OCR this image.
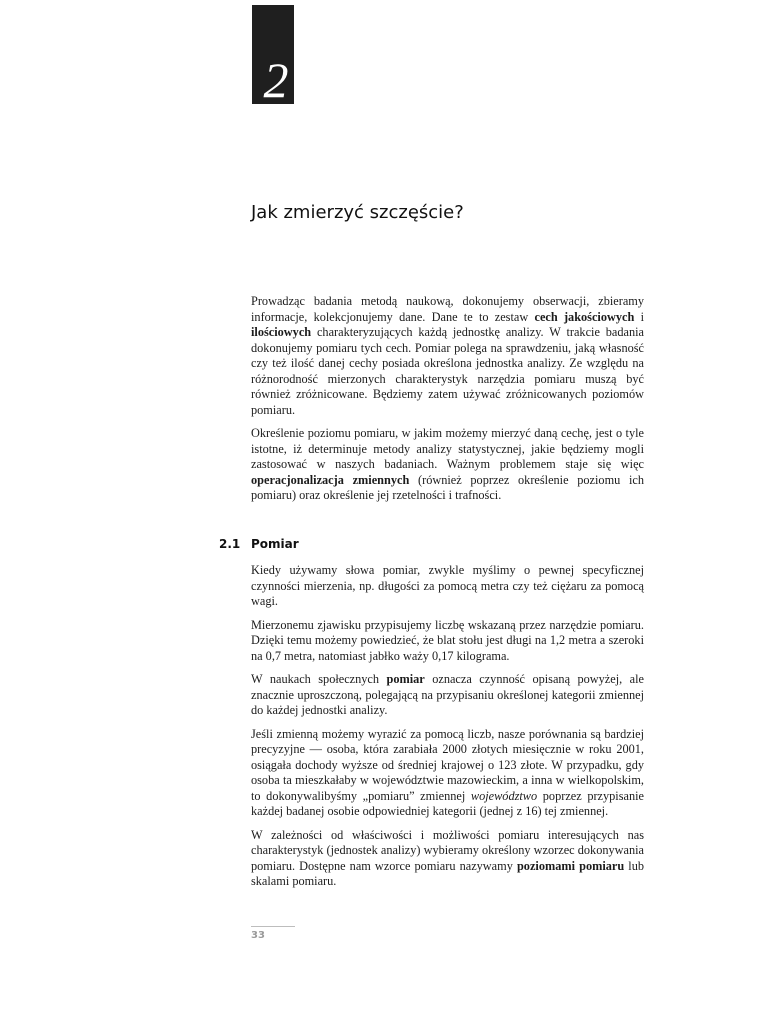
2
Jak zmierzyć szczęście?

Prowadząc badania metodą naukową, dokonujemy obserwacji, zbieramy informacje, kolekcjonujemy dane. Dane te to zestaw cech jakościowych i ilościowych charakteryzujących każdą jednostkę analizy. W trakcie badania dokonujemy pomiaru tych cech. Pomiar polega na sprawdzeniu, jaką własność czy też ilość danej cechy posiada określona jednostka analizy. Ze względu na różnorodność mierzonych charakterystyk narzędzia pomiaru muszą być również zróżnicowane. Będziemy zatem używać zróżnicowanych poziomów pomiaru.

Określenie poziomu pomiaru, w jakim możemy mierzyć daną cechę, jest o tyle istotne, iż determinuje metody analizy statystycznej, jakie będziemy mogli zastosować w naszych badaniach. Ważnym problemem staje się więc operacjonalizacja zmiennych (również poprzez określenie poziomu ich pomiaru) oraz określenie jej rzetelności i trafności.

2.1 Pomiar

Kiedy używamy słowa pomiar, zwykle myślimy o pewnej specyficznej czynności mierzenia, np. długości za pomocą metra czy też ciężaru za pomocą wagi.

Mierzonemu zjawisku przypisujemy liczbę wskazaną przez narzędzie pomiaru. Dzięki temu możemy powiedzieć, że blat stołu jest długi na 1,2 metra a szeroki na 0,7 metra, natomiast jabłko waży 0,17 kilograma.

W naukach społecznych pomiar oznacza czynność opisaną powyżej, ale znacznie uproszczoną, polegającą na przypisaniu określonej kategorii zmiennej do każdej jednostki analizy.

Jeśli zmienną możemy wyrazić za pomocą liczb, nasze porównania są bardziej precyzyjne — osoba, która zarabiała 2000 złotych miesięcznie w roku 2001, osiągała dochody wyższe od średniej krajowej o 123 złote. W przypadku, gdy osoba ta mieszkałaby w województwie mazowieckim, a inna w wielkopolskim, to dokonywalibyśmy „pomiaru” zmiennej województwo poprzez przypisanie każdej badanej osobie odpowiedniej kategorii (jednej z 16) tej zmiennej.

W zależności od właściwości i możliwości pomiaru interesujących nas charakterystyk (jednostek analizy) wybieramy określony wzorzec dokonywania pomiaru. Dostępne nam wzorce pomiaru nazywamy poziomami pomiaru lub skalami pomiaru.

33
